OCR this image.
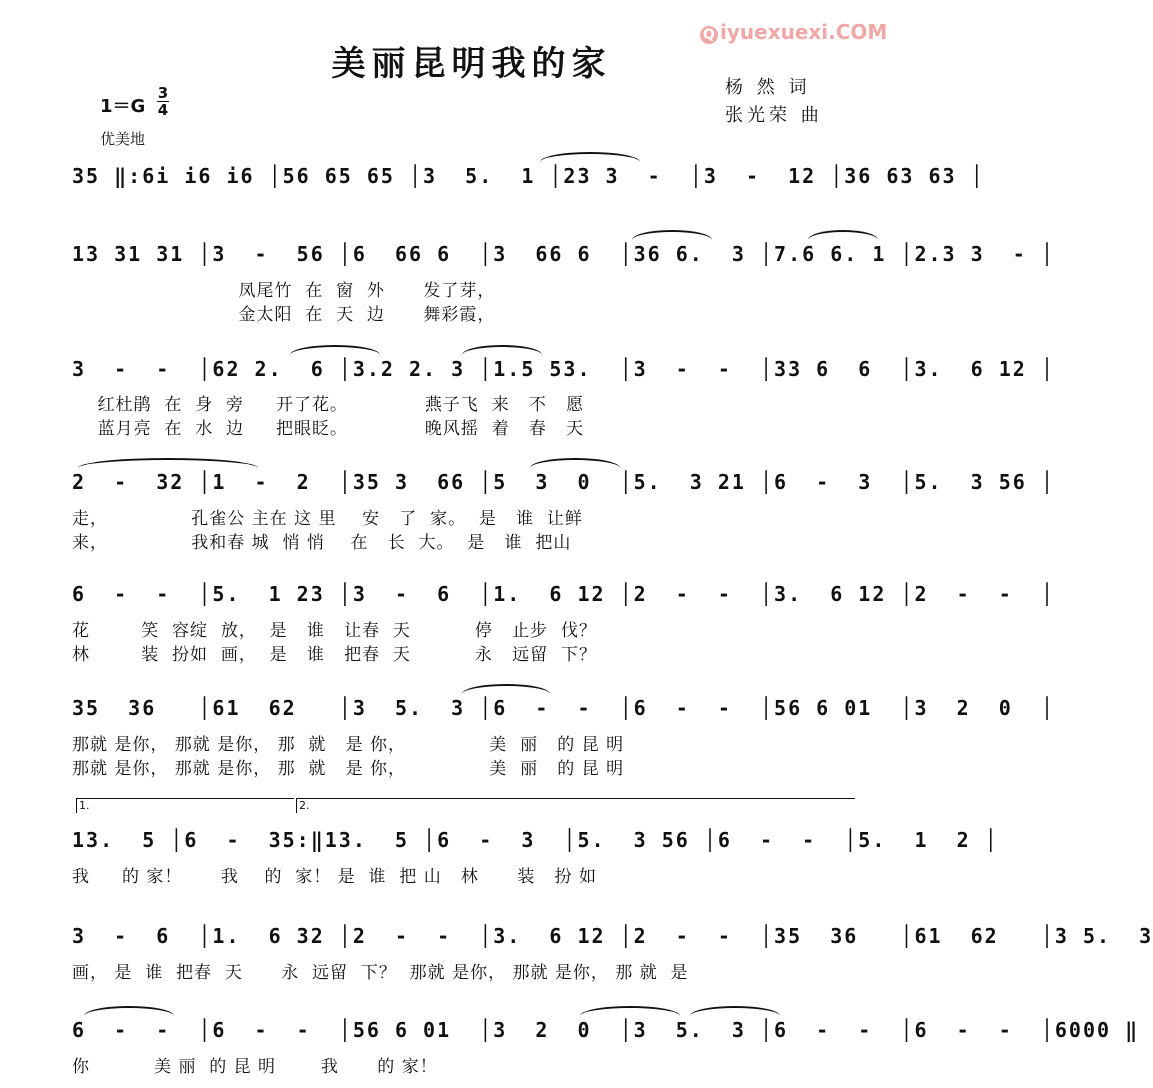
Q iyuexuexi.COM
美丽昆明我的家
杨 然 词
张光荣 曲
1＝G
3
4
优美地
35 ‖:6i i6 i6 │56 65 65 │3  5.  1 │23 3  -  │3  -  12 │36 63 63 │
13 31 31 │3  -  56 │6  66 6  │3  66 6  │36 6.  3 │7.6 6. 1 │2.3 3  - │
凤尾竹  在  窗  外      发了芽，
金太阳  在  天  边      舞彩霞，
3  -  -  │62 2.  6 │3.2 2. 3 │1.5 53.  │3  -  -  │33 6  6  │3.  6 12 │
红杜鹃  在  身  旁     开了花。            燕子飞  来   不   愿
蓝月亮  在  水  边     把眼眨。            晚风摇  着   春   天
2  -  32 │1  -  2  │35 3  66 │5  3  0  │5.  3 21 │6  -  3  │5.  3 56 │
走，             孔雀公 主在 这 里    安   了  家。  是   谁  让鲜
来，             我和春 城  悄 悄    在   长  大。  是   谁  把山
6  -  -  │5.  1 23 │3  -  6  │1.  6 12 │2  -  -  │3.  6 12 │2  -  -  │
花        笑  容绽  放，  是   谁   让春  天          停   止步  伐？
林        装  扮如  画，  是   谁   把春  天          永   远留  下？
35  36   │61  62   │3  5.  3 │6  -  -  │6  -  -  │56 6 01  │3  2  0  │
那就 是你， 那就 是你， 那  就   是 你，             美  丽   的 昆 明
那就 是你， 那就 是你， 那  就   是 你，             美  丽   的 昆 明
1.	2.
13.  5 │6  -  35:‖13.  5 │6  -  3  │5.  3 56 │6  -  -  │5.  1  2 │
我     的 家！      我    的  家！ 是  谁  把 山   林      装   扮 如
3  -  6  │1.  6 32 │2  -  -  │3.  6 12 │2  -  -  │35  36   │61  62   │3 5.  3
画， 是  谁  把春  天      永  远留  下？  那就 是你， 那就 是你， 那 就  是
6  -  -  │6  -  -  │56 6 01  │3  2  0  │3  5.  3 │6  -  -  │6  -  -  │6000 ‖
你          美 丽  的 昆 明       我      的 家！
